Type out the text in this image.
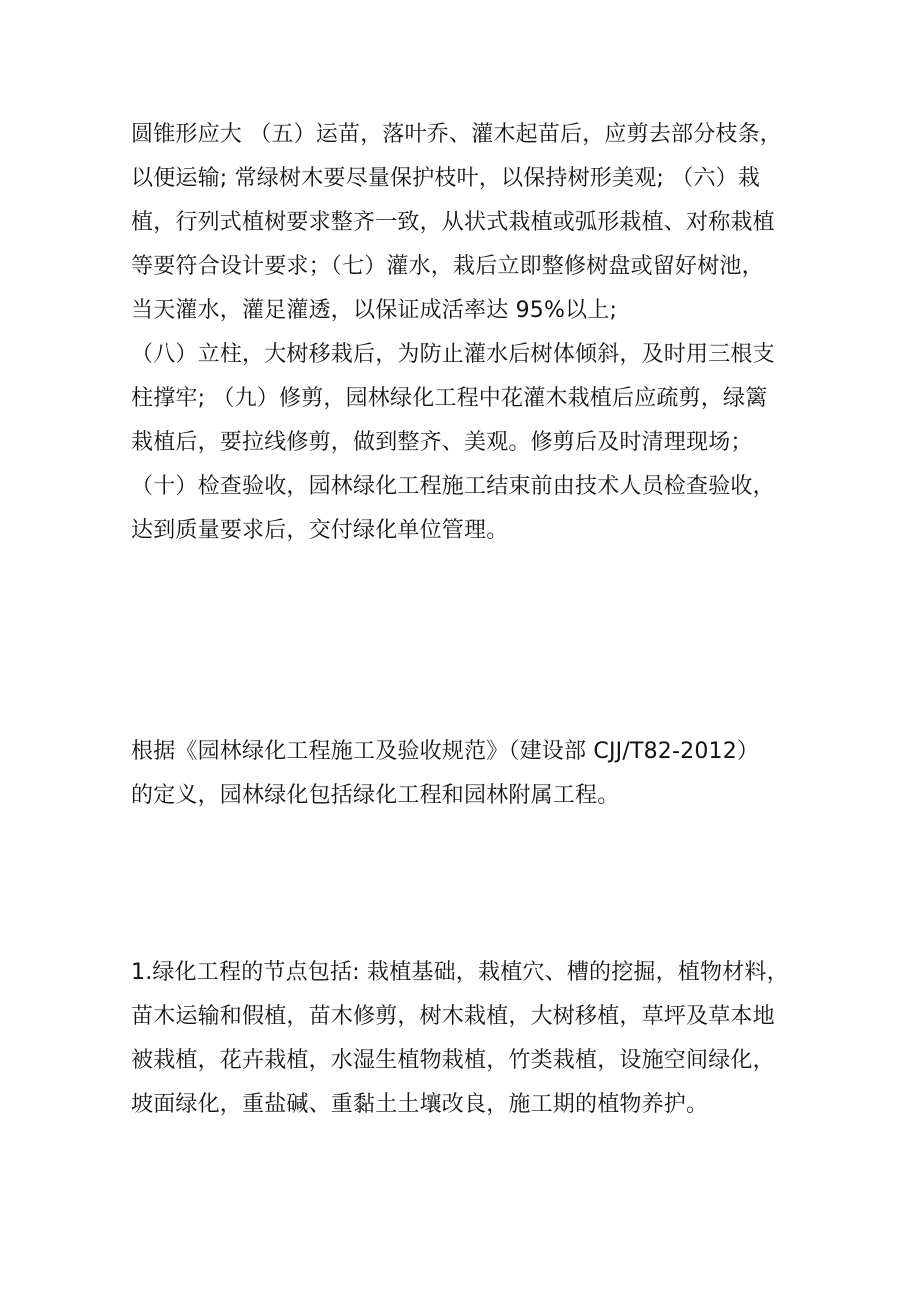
圆锥形应大 （五）运苗，落叶乔、灌木起苗后，应剪去部分枝条，
以便运输; 常绿树木要尽量保护枝叶，以保持树形美观; （六）栽
植，行列式植树要求整齐一致，从状式栽植或弧形栽植、对称栽植
等要符合设计要求；（七）灌水，栽后立即整修树盘或留好树池，
当天灌水，灌足灌透，以保证成活率达 95%以上;
（八）立柱，大树移栽后，为防止灌水后树体倾斜，及时用三根支
柱撑牢; （九）修剪，园林绿化工程中花灌木栽植后应疏剪，绿篱
栽植后，要拉线修剪，做到整齐、美观。修剪后及时清理现场；
（十）检查验收，园林绿化工程施工结束前由技术人员检查验收，
达到质量要求后，交付绿化单位管理。
根据《园林绿化工程施工及验收规范》（建设部 CJJ/T82-2012）
的定义，园林绿化包括绿化工程和园林附属工程。
1.绿化工程的节点包括: 栽植基础，栽植穴、槽的挖掘，植物材料，
苗木运输和假植，苗木修剪，树木栽植，大树移植，草坪及草本地
被栽植，花卉栽植，水湿生植物栽植，竹类栽植，设施空间绿化，
坡面绿化，重盐碱、重黏土土壤改良，施工期的植物养护。
